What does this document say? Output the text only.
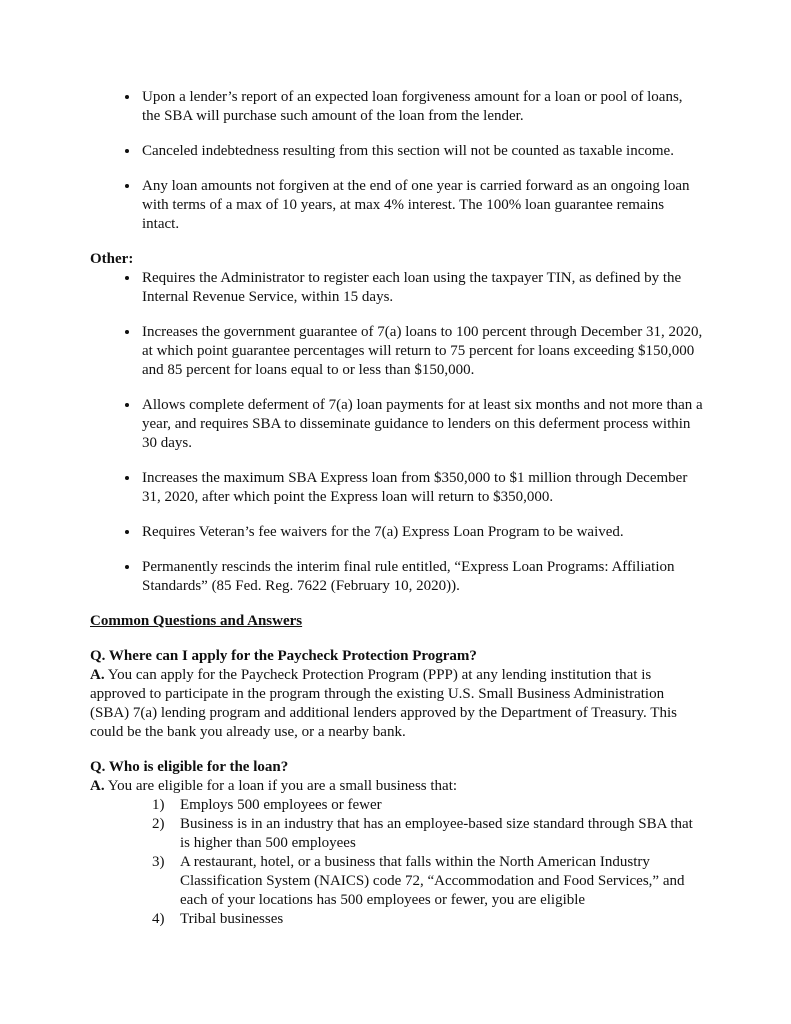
• Upon a lender’s report of an expected loan forgiveness amount for a loan or pool of loans, the SBA will purchase such amount of the loan from the lender.
• Canceled indebtedness resulting from this section will not be counted as taxable income.
• Any loan amounts not forgiven at the end of one year is carried forward as an ongoing loan with terms of a max of 10 years, at max 4% interest. The 100% loan guarantee remains intact.
Other:
• Requires the Administrator to register each loan using the taxpayer TIN, as defined by the Internal Revenue Service, within 15 days.
• Increases the government guarantee of 7(a) loans to 100 percent through December 31, 2020, at which point guarantee percentages will return to 75 percent for loans exceeding $150,000 and 85 percent for loans equal to or less than $150,000.
• Allows complete deferment of 7(a) loan payments for at least six months and not more than a year, and requires SBA to disseminate guidance to lenders on this deferment process within 30 days.
• Increases the maximum SBA Express loan from $350,000 to $1 million through December 31, 2020, after which point the Express loan will return to $350,000.
• Requires Veteran’s fee waivers for the 7(a) Express Loan Program to be waived.
• Permanently rescinds the interim final rule entitled, “Express Loan Programs: Affiliation Standards” (85 Fed. Reg. 7622 (February 10, 2020)).
Common Questions and Answers
Q. Where can I apply for the Paycheck Protection Program?
A. You can apply for the Paycheck Protection Program (PPP) at any lending institution that is approved to participate in the program through the existing U.S. Small Business Administration (SBA) 7(a) lending program and additional lenders approved by the Department of Treasury. This could be the bank you already use, or a nearby bank.
Q. Who is eligible for the loan?
A. You are eligible for a loan if you are a small business that:
1)	Employs 500 employees or fewer
2)	Business is in an industry that has an employee-based size standard through SBA that is higher than 500 employees
3)	A restaurant, hotel, or a business that falls within the North American Industry Classification System (NAICS) code 72, “Accommodation and Food Services,” and each of your locations has 500 employees or fewer, you are eligible
4)	Tribal businesses
